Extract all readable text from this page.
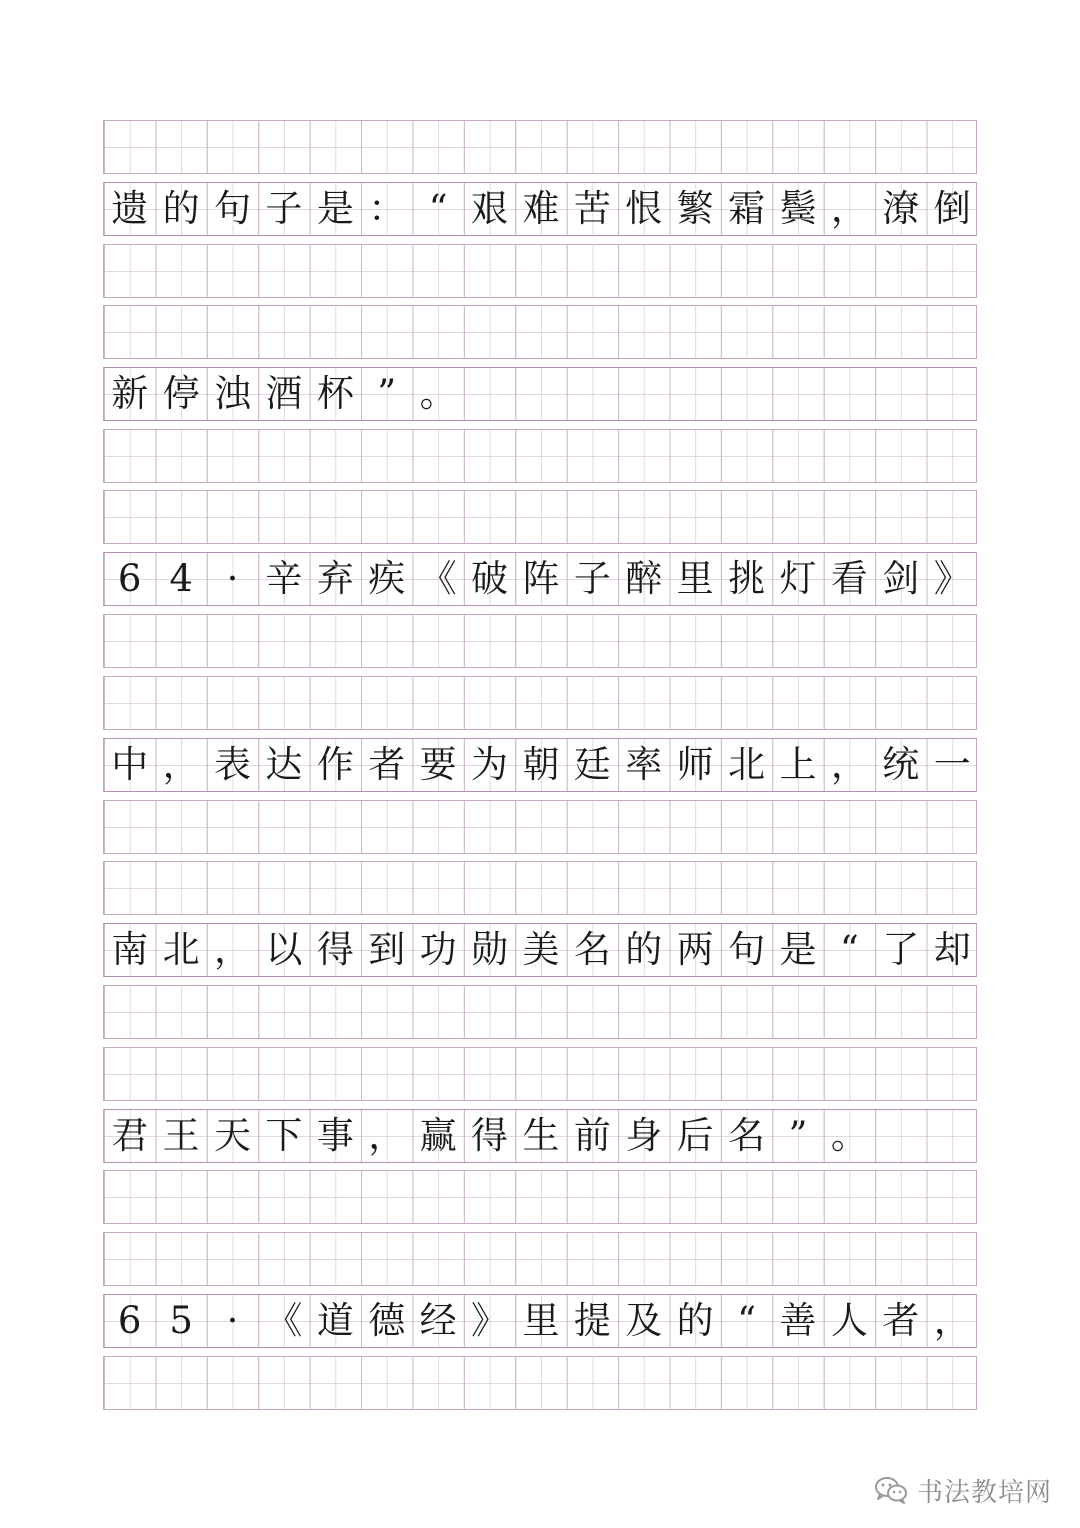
遗 的 句 子 是 ： “ 艰 难 苦 恨 繁 霜 鬓 ， 潦 倒
新 停 浊 酒 杯 ” 。
6 4 · 辛 弃 疾 《 破 阵 子 醉 里 挑 灯 看 剑 》
中 ， 表 达 作 者 要 为 朝 廷 率 师 北 上 ， 统 一
南 北 ， 以 得 到 功 勋 美 名 的 两 句 是 “ 了 却
君 王 天 下 事 ， 赢 得 生 前 身 后 名 ” 。
6 5 · 《 道 德 经 》 里 提 及 的 “ 善 人 者 ，
书法教培网
